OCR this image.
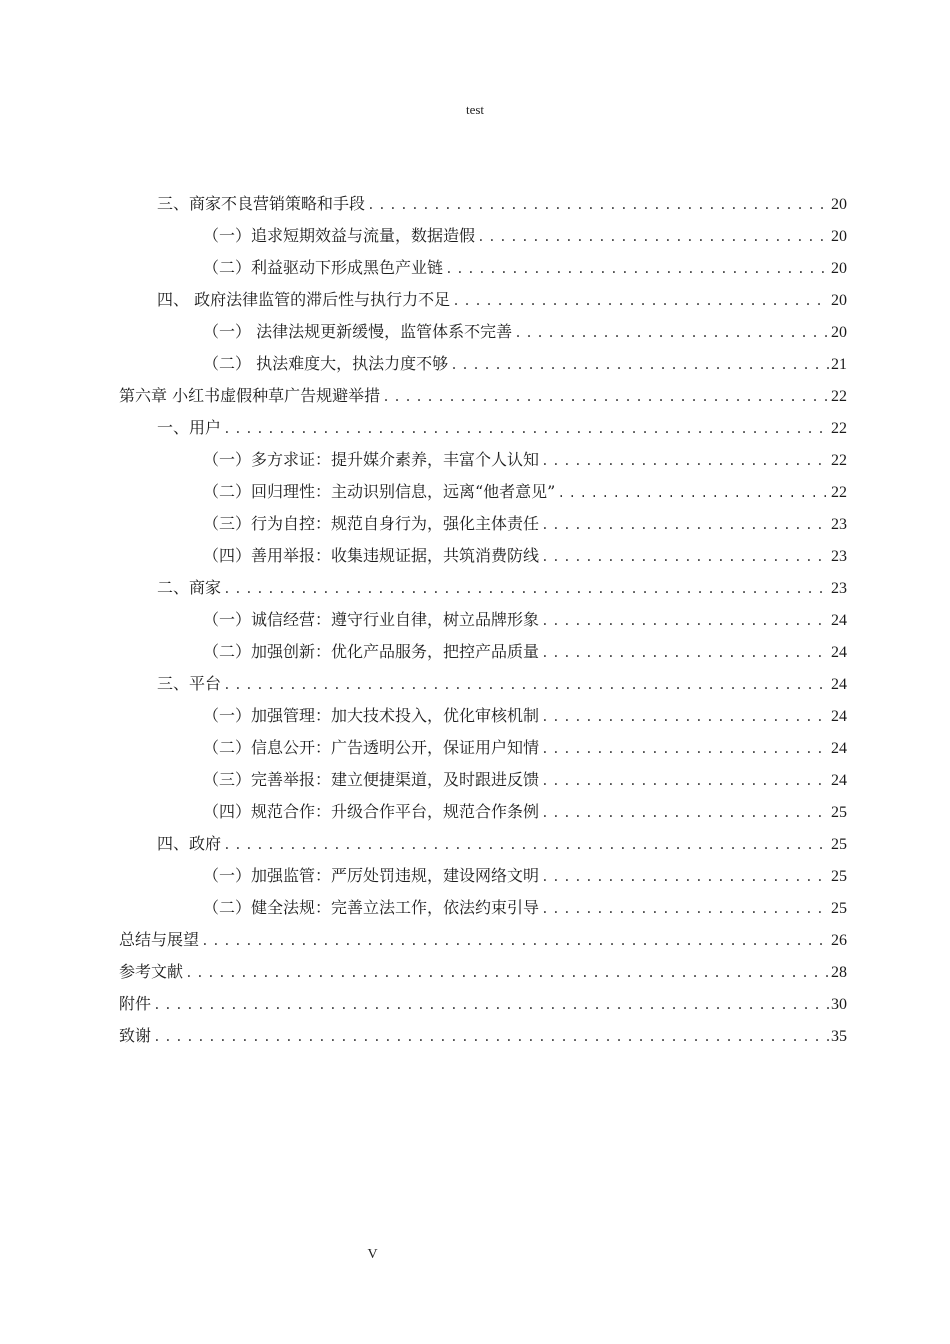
test
三、商家不良营销策略和手段 .....	20
（一）追求短期效益与流量，数据造假 .....	20
（二）利益驱动下形成黑色产业链 .....	20
四、 政府法律监管的滞后性与执行力不足 .....	20
（一） 法律法规更新缓慢，监管体系不完善 .....	20
（二） 执法难度大，执法力度不够 .....	21
第六章 小红书虚假种草广告规避举措 .....	22
一、用户 .....	22
（一）多方求证：提升媒介素养，丰富个人认知 .....	22
（二）回归理性：主动识别信息，远离“他者意见” .....	22
（三）行为自控：规范自身行为，强化主体责任 .....	23
（四）善用举报：收集违规证据，共筑消费防线 .....	23
二、商家 .....	23
（一）诚信经营：遵守行业自律，树立品牌形象 .....	24
（二）加强创新：优化产品服务，把控产品质量 .....	24
三、平台 .....	24
（一）加强管理：加大技术投入，优化审核机制 .....	24
（二）信息公开：广告透明公开，保证用户知情 .....	24
（三）完善举报：建立便捷渠道，及时跟进反馈 .....	24
（四）规范合作：升级合作平台，规范合作条例 .....	25
四、政府 .....	25
（一）加强监管：严厉处罚违规，建设网络文明 .....	25
（二）健全法规：完善立法工作，依法约束引导 .....	25
总结与展望 .....	26
参考文献 .....	28
附件 .....	30
致谢 .....	35
V
